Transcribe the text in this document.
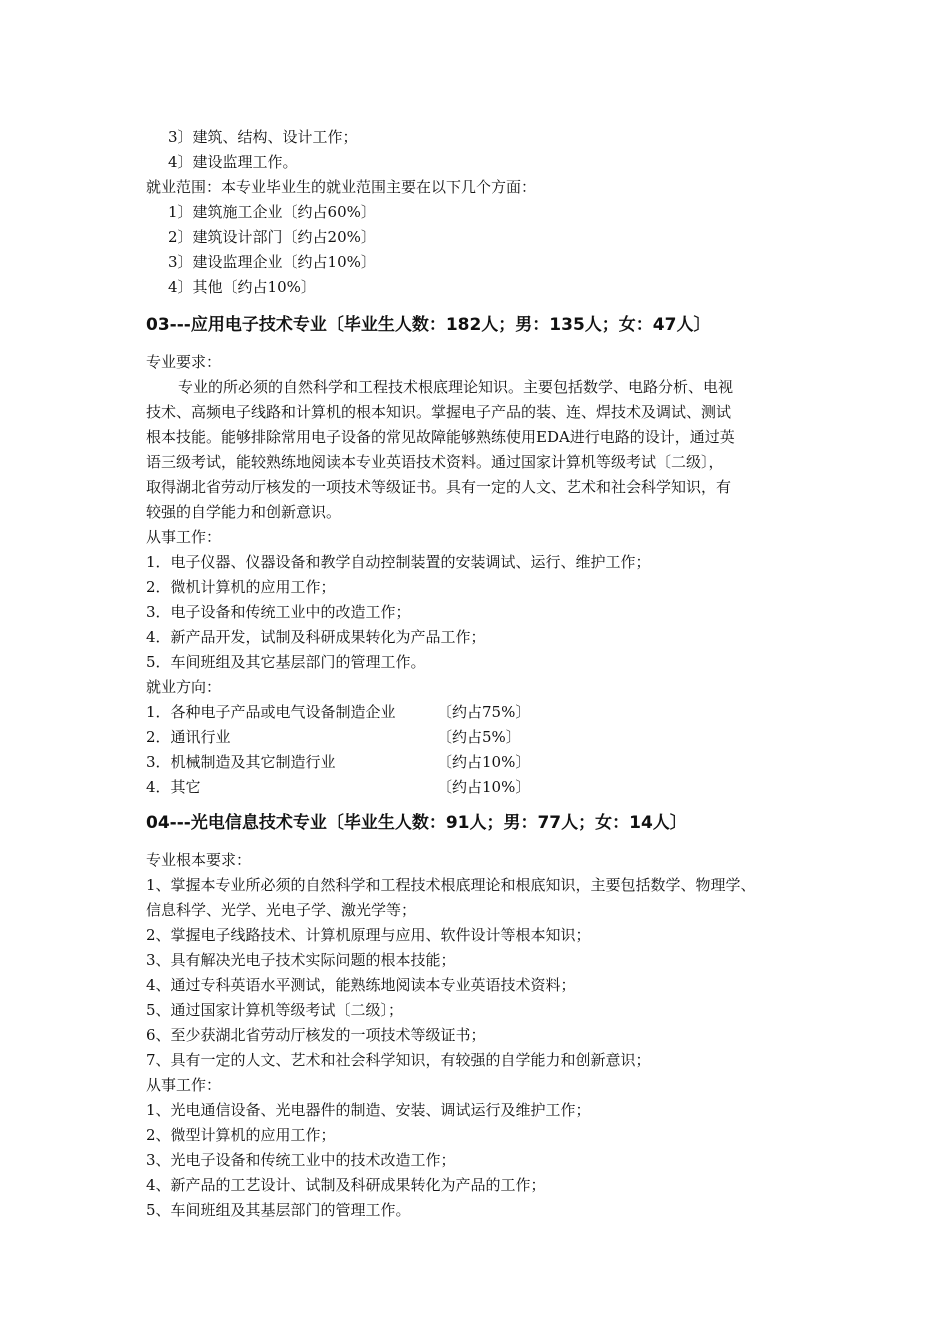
3〕建筑、结构、设计工作；
4〕建设监理工作。
就业范围：本专业毕业生的就业范围主要在以下几个方面：
1〕建筑施工企业〔约占60%〕
2〕建筑设计部门〔约占20%〕
3〕建设监理企业〔约占10%〕
4〕其他〔约占10%〕
03---应用电子技术专业〔毕业生人数：182人；男：135人；女：47人〕
专业要求：
专业的所必须的自然科学和工程技术根底理论知识。主要包括数学、电路分析、电视
技术、高频电子线路和计算机的根本知识。掌握电子产品的装、连、焊技术及调试、测试
根本技能。能够排除常用电子设备的常见故障能够熟练使用EDA进行电路的设计，通过英
语三级考试，能较熟练地阅读本专业英语技术资料。通过国家计算机等级考试〔二级〕，
取得湖北省劳动厅核发的一项技术等级证书。具有一定的人文、艺术和社会科学知识，有
较强的自学能力和创新意识。
从事工作：
1．电子仪器、仪器设备和教学自动控制装置的安装调试、运行、维护工作；
2．微机计算机的应用工作；
3．电子设备和传统工业中的改造工作；
4．新产品开发，试制及科研成果转化为产品工作；
5．车间班组及其它基层部门的管理工作。
就业方向：
1．各种电子产品或电气设备制造企业	〔约占75%〕
2．通讯行业	〔约占5%〕
3．机械制造及其它制造行业	〔约占10%〕
4．其它	〔约占10%〕
04---光电信息技术专业〔毕业生人数：91人；男：77人；女：14人〕
专业根本要求：
1、掌握本专业所必须的自然科学和工程技术根底理论和根底知识，主要包括数学、物理学、
信息科学、光学、光电子学、激光学等；
2、掌握电子线路技术、计算机原理与应用、软件设计等根本知识；
3、具有解决光电子技术实际问题的根本技能；
4、通过专科英语水平测试，能熟练地阅读本专业英语技术资料；
5、通过国家计算机等级考试〔二级〕；
6、至少获湖北省劳动厅核发的一项技术等级证书；
7、具有一定的人文、艺术和社会科学知识，有较强的自学能力和创新意识；
从事工作：
1、光电通信设备、光电器件的制造、安装、调试运行及维护工作；
2、微型计算机的应用工作；
3、光电子设备和传统工业中的技术改造工作；
4、新产品的工艺设计、试制及科研成果转化为产品的工作；
5、车间班组及其基层部门的管理工作。
